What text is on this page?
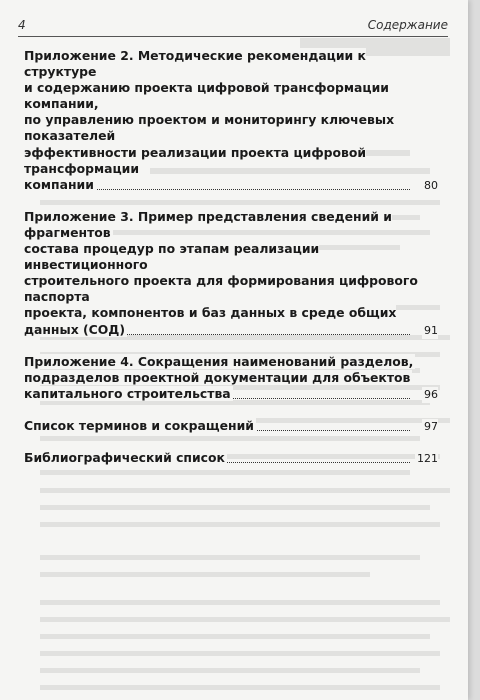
4	Содержание
Приложение 2. Методические рекомендации к структуре
и содержанию проекта цифровой трансформации компании,
по управлению проектом и мониторингу ключевых показателей
эффективности реализации проекта цифровой трансформации
компании	80
Приложение 3. Пример представления сведений и фрагментов
состава процедур по этапам реализации инвестиционного
строительного проекта для формирования цифрового паспорта
проекта, компонентов и баз данных в среде общих данных (СОД)	91
Приложение 4. Сокращения наименований разделов,
подразделов проектной документации для объектов
капитального строительства	96
Список терминов и сокращений	97
Библиографический список	121
